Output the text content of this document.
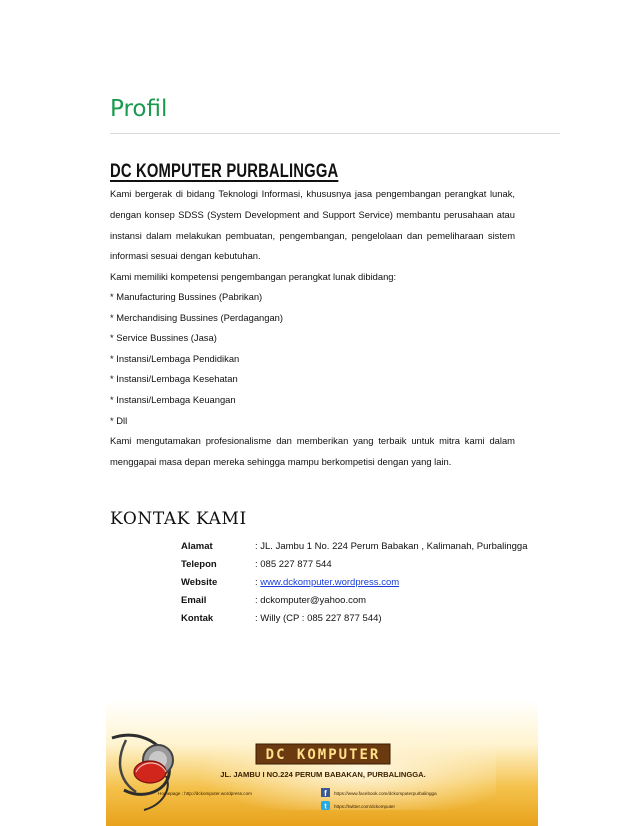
Profil
DC KOMPUTER PURBALINGGA
Kami bergerak di bidang Teknologi Informasi, khususnya jasa pengembangan perangkat lunak,
dengan konsep SDSS (System Development and Support Service) membantu perusahaan atau
instansi dalam melakukan pembuatan, pengembangan, pengelolaan dan pemeliharaan sistem
informasi sesuai dengan kebutuhan.
Kami memiliki kompetensi pengembangan perangkat lunak dibidang:
* Manufacturing Bussines (Pabrikan)
* Merchandising Bussines (Perdagangan)
* Service Bussines (Jasa)
* Instansi/Lembaga Pendidikan
* Instansi/Lembaga Kesehatan
* Instansi/Lembaga Keuangan
* Dll
Kami mengutamakan profesionalisme dan memberikan yang terbaik untuk mitra kami dalam
menggapai masa depan mereka sehingga mampu berkompetisi dengan yang lain.
KONTAK KAMI
Alamat	: JL. Jambu 1 No. 224 Perum Babakan , Kalimanah, Purbalingga
Telepon	: 085 227 877 544
Website	: www.dckomputer.wordpress.com
Email	: dckomputer@yahoo.com
Kontak	: Willy (CP : 085 227 877 544)
DC KOMPUTER
JL. JAMBU I NO.224 PERUM BABAKAN, PURBALINGGA.
Homepage : http://dckomputer.wordpress.com	f https://www.facebook.com/dckomputerpurbalingga
t https://twitter.com/dckomputer
